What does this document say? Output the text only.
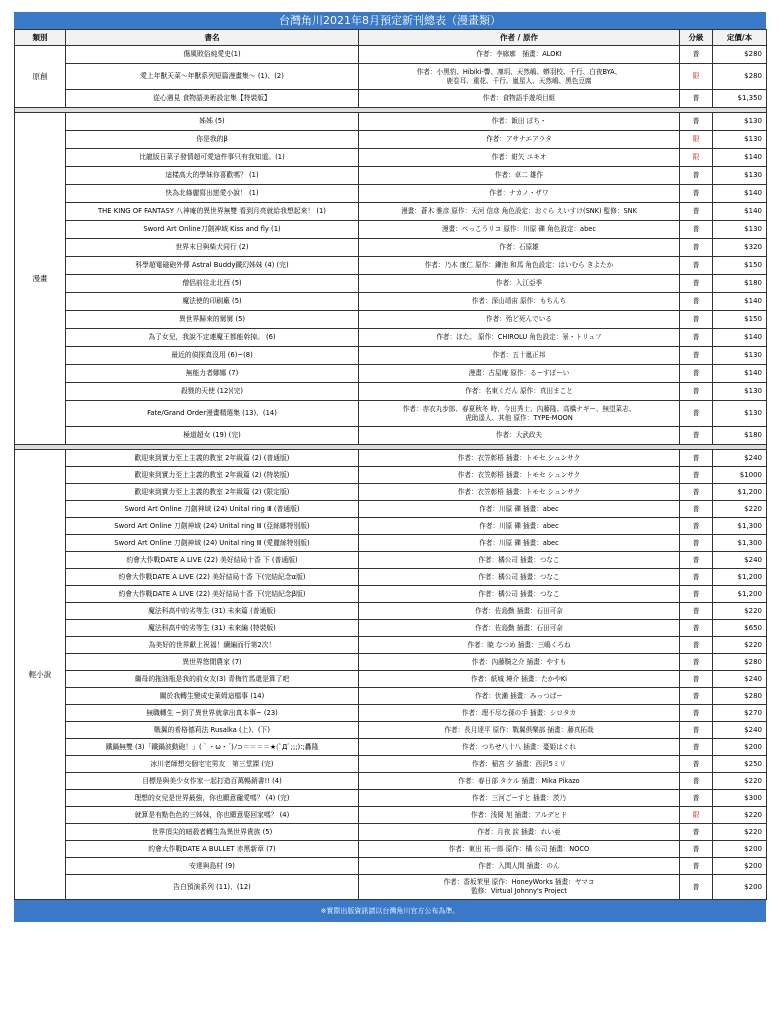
台灣角川2021年8月預定新刊總表（漫畫類）
類別	書名	作者 / 原作	分級	定價/本
原創	傷風敗俗純愛史(1)	作者：李廊廓　插畫：ALOKI	普	$280
	愛上年獸天菜～年獸系列短篇漫畫集～ (1)、(2)	作者：小黑豹、Hibiki-響、凜玥、天然嶋、蟒羽校、千行、白夜BYA、
鹿卷耳、重花、千行、嵐星人、天然嶋、黑色豆腐	限	$280
	從心遇見 食物語美術設定集【特裝版】	作者：食物語手遊項目組	普	$1,350

漫畫	姊姊 (5)	作者：飯田 ぽち・	普	$130
	你是我的β	作者：アサナエアラタ	限	$130
	比龍版日菜子發情超可愛這件事只有我知道。(1)	作者：紺矢 ユキオ	限	$140
	這樣高大的學妹你喜歡嗎？ (1)	作者：卓二 雄作	普	$130
	快為北條麗寫出戀愛小說！ (1)	作者：ナカノ・ザワ	普	$140
	THE KING OF FANTASY 八神庵的異世界無雙 看到月亮就給我想起來！ (1)	漫畫：蒼木 雅彦 原作：天河 信彦 角色設定：おぐら えいすけ(SNK) 監修：SNK	普	$140
	Sword Art Online刀劍神域 Kiss and fly (1)	漫畫：べっこうリコ 原作：川原 礫 角色設定：abec	普	$130
	世界末日與柴犬同行 (2)	作者：石原雄	普	$320
	科學超電磁砲外傳 Astral Buddy鐵幻姊妹 (4) (完)	作者：乃木 康仁 原作：鎌池 和馬 角色設定：はいむら きよたか	普	$150
	僧侶前往北北西 (5)	作者：入江亞季	普	$180
	魔法使的印刷廠 (5)	作者：深山靖宙 原作：もちんち	普	$140
	異世界歸來的舅舅 (5)	作者：殆ど死んでいる	普	$150
	為了女兒，我說不定連魔王都能幹掉。 (6)	作者：ほた。 原作：CHIROLU 角色設定：景・トリュフ	普	$140
	最近的偵探真沒用 (6)~(8)	作者：五十嵐正邦	普	$130
	無能力者娜娜 (7)	漫畫：古屋庵 原作：るーすぼーい	普	$140
	殺戮的天使 (12)(完)	作者：名東くだん 原作：真田まこと	普	$130
	Fate/Grand Order漫畫精選集 (13)、(14)	作者：赤衣丸步郎、春夏秋冬 時、今田秀士、內藤隆、高橋ナギー、無望菜志、
虎助遥人、其他 原作：TYPE-MOON	普	$130
	極道超女 (19) (完)	作者：大武政夫	普	$180

輕小說	歡迎來到實力至上主義的教室 2年級篇 (2) (普通版)	作者：衣笠彰梧 插畫：トモセ シュンサク	普	$240
	歡迎來到實力至上主義的教室 2年級篇 (2) (特裝版)	作者：衣笠彰梧 插畫：トモセ シュンサク	普	$1000
	歡迎來到實力至上主義的教室 2年級篇 (2) (限定版)	作者：衣笠彰梧 插畫：トモセ シュンサク	普	$1,200
	Sword Art Online 刀劍神域 (24) Unital ring Ⅲ (普通版)	作者：川原 礫 插畫：abec	普	$220
	Sword Art Online 刀劍神域 (24) Unital ring Ⅲ (亞絲娜特別版)	作者：川原 礫 插畫：abec	普	$1,300
	Sword Art Online 刀劍神域 (24) Unital ring Ⅲ (愛麗絲特別版)	作者：川原 礫 插畫：abec	普	$1,300
	約會大作戰DATE A LIVE (22) 美好結局十香 下 (普通版)	作者：橘公司 插畫：つなこ	普	$240
	約會大作戰DATE A LIVE (22) 美好結局十香 下(完結紀念α版)	作者：橘公司 插畫：つなこ	普	$1,200
	約會大作戰DATE A LIVE (22) 美好結局十香 下(完結紀念β版)	作者：橘公司 插畫：つなこ	普	$1,200
	魔法科高中的劣等生 (31) 未來篇 (普通版)	作者：佐島勤 插畫：石田可奈	普	$220
	魔法科高中的劣等生 (31) 未來編 (特裝版)	作者：佐島勤 插畫：石田可奈	普	$650
	為美好的世界獻上祝福！續編而行第2次！	作者：暁 なつめ 插畫：三嶋くろね	普	$220
	異世界悠閒農家 (7)	作者：內藤騎之介 插畫：やすも	普	$280
	繼母的拖油瓶是我的前女友(3) 青梅竹馬還是算了吧	作者：紙城 境介 插畫：たかやKi	普	$240
	關於我轉生變成史萊姆這檔事 (14)	作者：伏瀨 插畫：みっつばー	普	$280
	無職轉生 ~到了異世界就拿出真本事~ (23)	作者：理不尽な孫の手 插畫：シロタカ	普	$270
	戰翼的希格德莉法 Rusalka (上)、(下)	作者：長月達平 原作：戰翼俱樂部 插畫：藤真拓哉	普	$240
	鐵鍋無雙 (3)「鐵鍋波動砲！」(｀・ω・´)ﾉ⊃＝＝＝＝★(ﾟДﾟ;;;):;轟隆	作者：つちせ八十八 插畫：憂姫はぐれ	普	$200
	冰川老師想交個宅宅男友　第三堂課 (完)	作者：稲宮 夕 插畫：西沢5ミリ	普	$250
	目標是與美少女作家一起打造百萬暢銷書!! (4)	作者：春日部 タケル 插畫：Mika Pikazo	普	$220
	理想的女兒是世界最強，你也願意寵愛嗎？ (4) (完)	作者：三河ごーすと 插畫：茨乃	普	$300
	就算是有點色色的三姊妹，你也願意娶回家嗎？ (4)	作者：浅岡 旭 插畫：アルデヒド	限	$220
	世界頂尖的暗殺者轉生為異世界貴族 (5)	作者：月夜 涙 插畫：れい亜	普	$220
	約會大作戰DATE A BULLET 赤黑新章 (7)	作者：東出 祐一郎 原作：橘 公司 插畫：NOCO	普	$200
	安達與島村 (9)	作者：入間人間 插畫：のん	普	$200
	告白預演系列 (11)、(12)	作者：香坂茉里 原作：HoneyWorks 插畫：ヤマコ
監修：Virtual Johnny's Project	普	$200
※實際出版資訊請以台灣角川官方公布為準。
